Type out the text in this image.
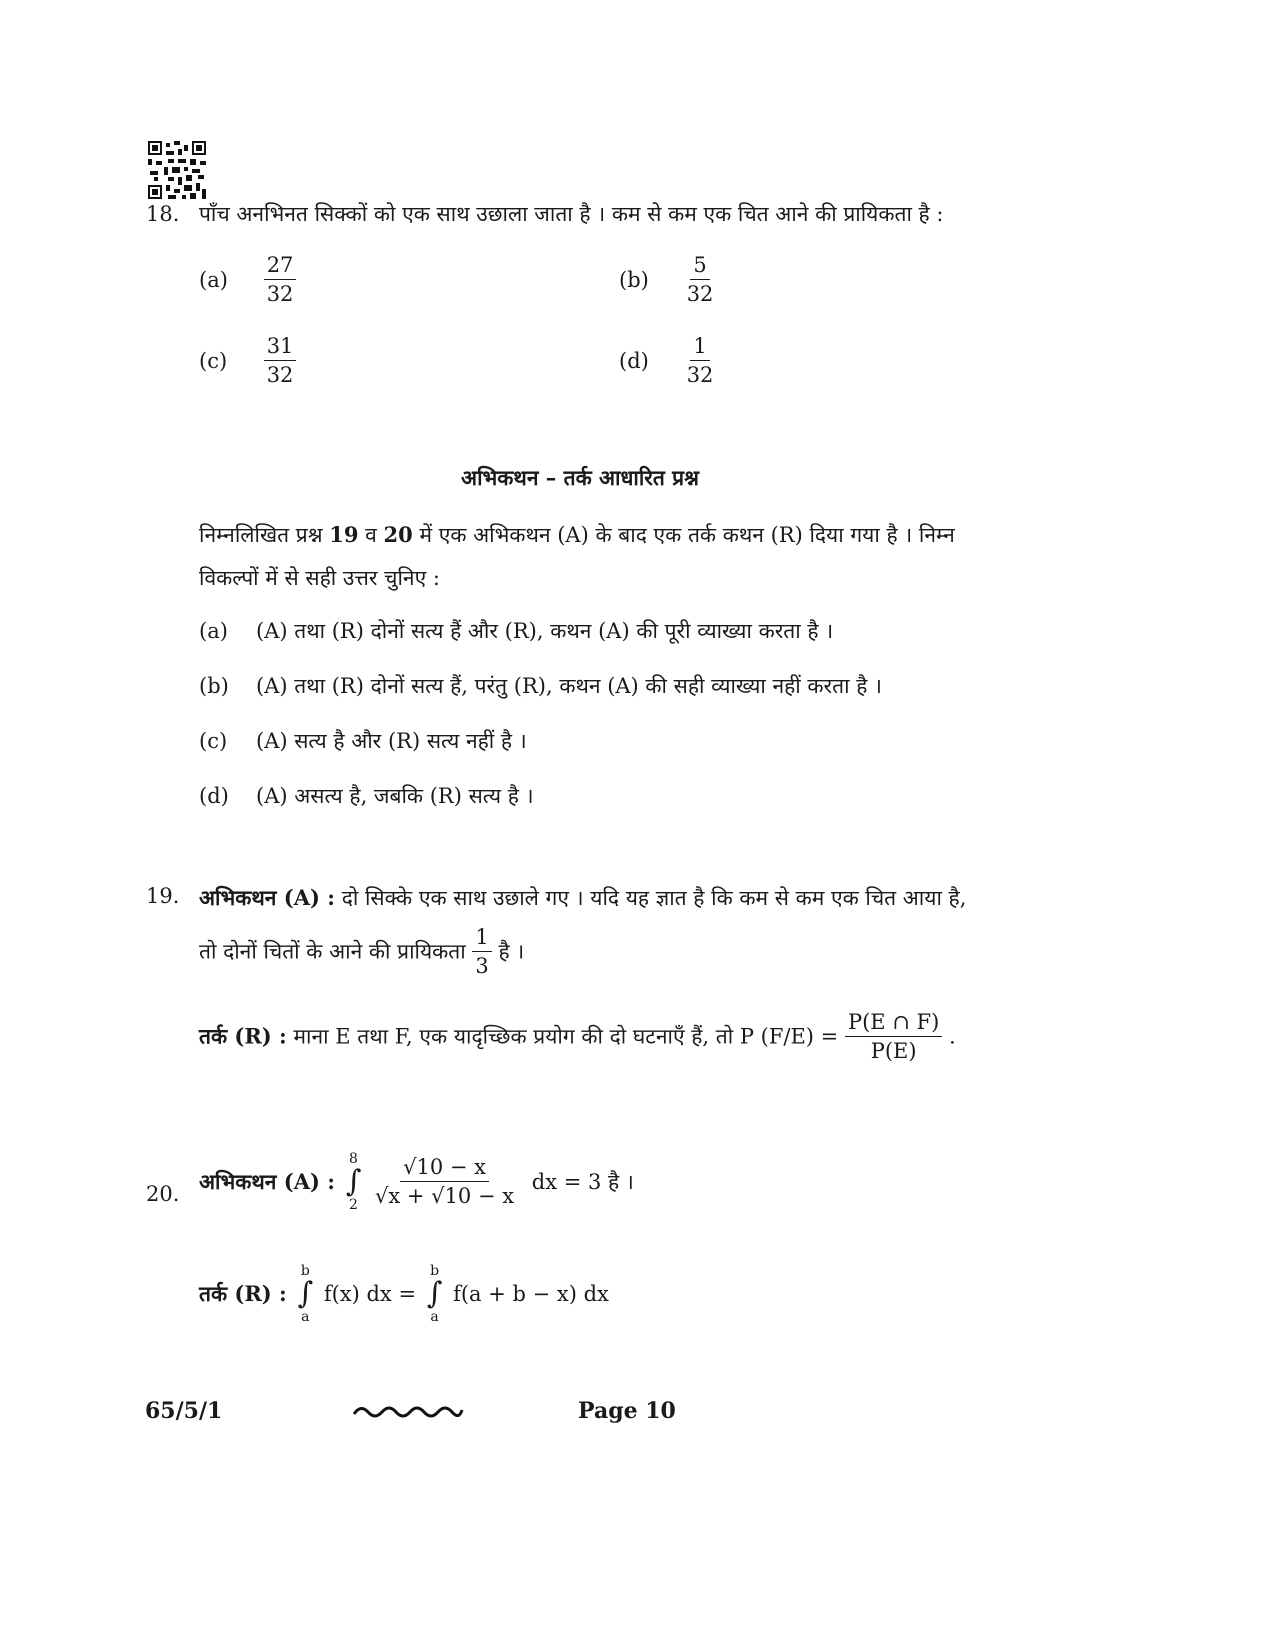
18. पाँच अनभिनत सिक्कों को एक साथ उछाला जाता है । कम से कम एक चित आने की प्रायिकता है :
$(a) \frac{27}{32}$	$(b) \frac{5}{32}$
$(c) \frac{31}{32}$	$(d) \frac{1}{32}$
अभिकथन – तर्क आधारित प्रश्न
निम्नलिखित प्रश्न 19 व 20 में एक अभिकथन (A) के बाद एक तर्क कथन (R) दिया गया है । निम्न
विकल्पों में से सही उत्तर चुनिए :
(a) (A) तथा (R) दोनों सत्य हैं और (R), कथन (A) की पूरी व्याख्या करता है ।
(b) (A) तथा (R) दोनों सत्य हैं, परंतु (R), कथन (A) की सही व्याख्या नहीं करता है ।
(c) (A) सत्य है और (R) सत्य नहीं है ।
(d) (A) असत्य है, जबकि (R) सत्य है ।
19. अभिकथन (A) : दो सिक्के एक साथ उछाले गए । यदि यह ज्ञात है कि कम से कम एक चित आया है,
तो दोनों चितों के आने की प्रायिकता $\frac{1}{3}$ है ।
तर्क (R) : माना E तथा F, एक यादृच्छिक प्रयोग की दो घटनाएँ हैं, तो P $(F/E) = \frac{P(E \cap F)}{P(E)}$ .
20.
अभिकथन (A) :
8
∫
2
$\frac{√10 - x}{√x + √10 - x}$ dx = 3 है ।
तर्क (R) :
b
∫
a
f(x) dx =
b
∫
a
f(a + b − x) dx
65/5/1	Page 10
